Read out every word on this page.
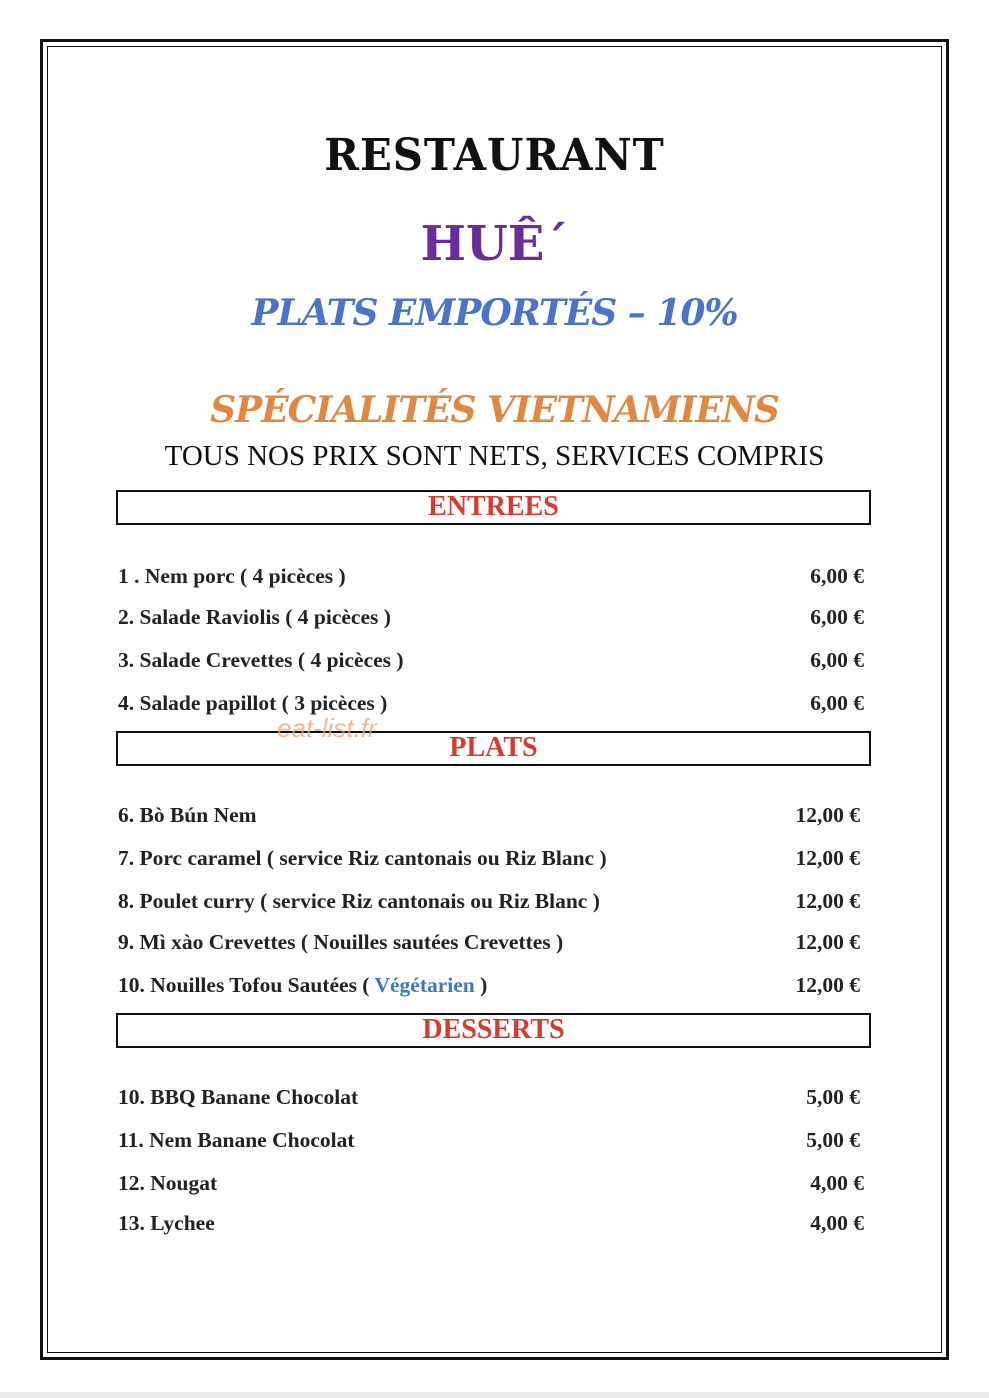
RESTAURANT
HUÊ´
PLATS EMPORTÉS – 10%
SPÉCIALITÉS VIETNAMIENS
TOUS NOS PRIX SONT NETS, SERVICES COMPRIS
ENTREES
1 . Nem porc ( 4 picèces )	6,00 €
2. Salade Raviolis ( 4 picèces )	6,00 €
3. Salade Crevettes ( 4 picèces )	6,00 €
4. Salade papillot ( 3 picèces )	6,00 €
PLATS
6. Bò Bún Nem	12,00 €
7. Porc caramel ( service Riz cantonais ou Riz Blanc )	12,00 €
8. Poulet curry ( service Riz cantonais ou Riz Blanc )	12,00 €
9. Mì xào Crevettes ( Nouilles sautées Crevettes )	12,00 €
10. Nouilles Tofou Sautées ( Végétarien )	12,00 €
DESSERTS
10. BBQ Banane Chocolat	5,00 €
11. Nem Banane Chocolat	5,00 €
12. Nougat	4,00 €
13. Lychee	4,00 €
eat-list.fr
